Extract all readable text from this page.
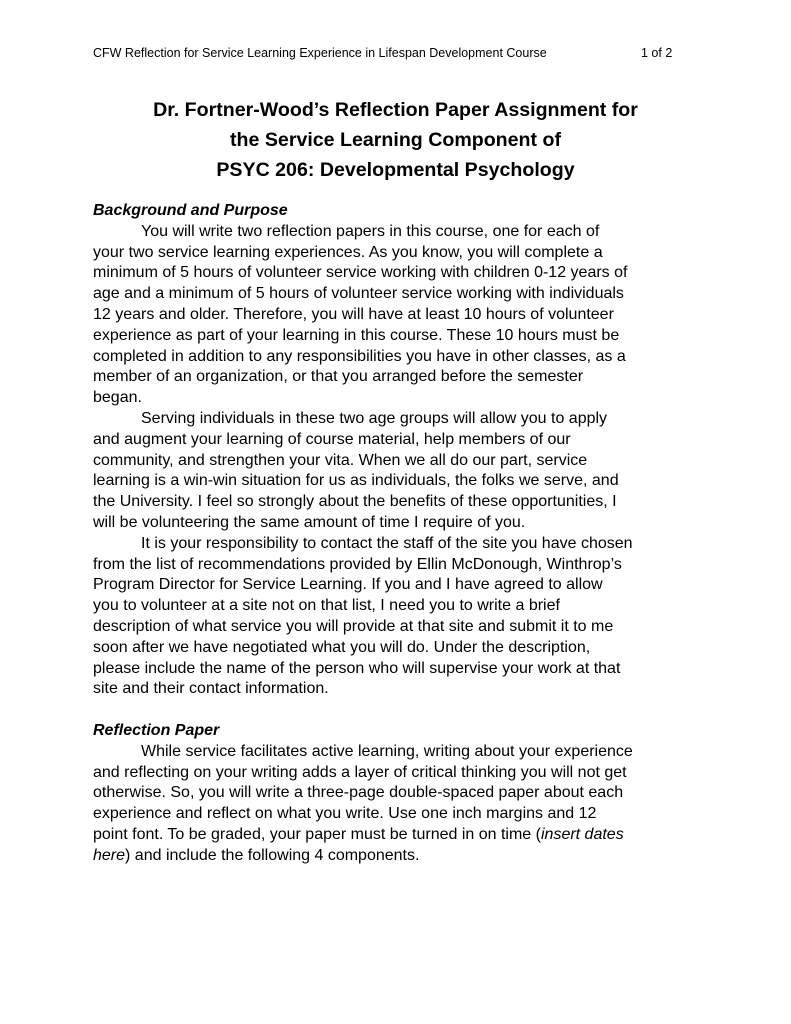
CFW Reflection for Service Learning Experience in Lifespan Development Course	1 of 2
Dr. Fortner-Wood’s Reflection Paper Assignment for
the Service Learning Component of
PSYC 206: Developmental Psychology
Background and Purpose
You will write two reflection papers in this course, one for each of
your two service learning experiences. As you know, you will complete a
minimum of 5 hours of volunteer service working with children 0-12 years of
age and a minimum of 5 hours of volunteer service working with individuals
12 years and older. Therefore, you will have at least 10 hours of volunteer
experience as part of your learning in this course. These 10 hours must be
completed in addition to any responsibilities you have in other classes, as a
member of an organization, or that you arranged before the semester
began.
Serving individuals in these two age groups will allow you to apply
and augment your learning of course material, help members of our
community, and strengthen your vita. When we all do our part, service
learning is a win-win situation for us as individuals, the folks we serve, and
the University. I feel so strongly about the benefits of these opportunities, I
will be volunteering the same amount of time I require of you.
It is your responsibility to contact the staff of the site you have chosen
from the list of recommendations provided by Ellin McDonough, Winthrop’s
Program Director for Service Learning. If you and I have agreed to allow
you to volunteer at a site not on that list, I need you to write a brief
description of what service you will provide at that site and submit it to me
soon after we have negotiated what you will do. Under the description,
please include the name of the person who will supervise your work at that
site and their contact information.
Reflection Paper
While service facilitates active learning, writing about your experience
and reflecting on your writing adds a layer of critical thinking you will not get
otherwise. So, you will write a three-page double-spaced paper about each
experience and reflect on what you write. Use one inch margins and 12
point font. To be graded, your paper must be turned in on time (insert dates
here) and include the following 4 components.
